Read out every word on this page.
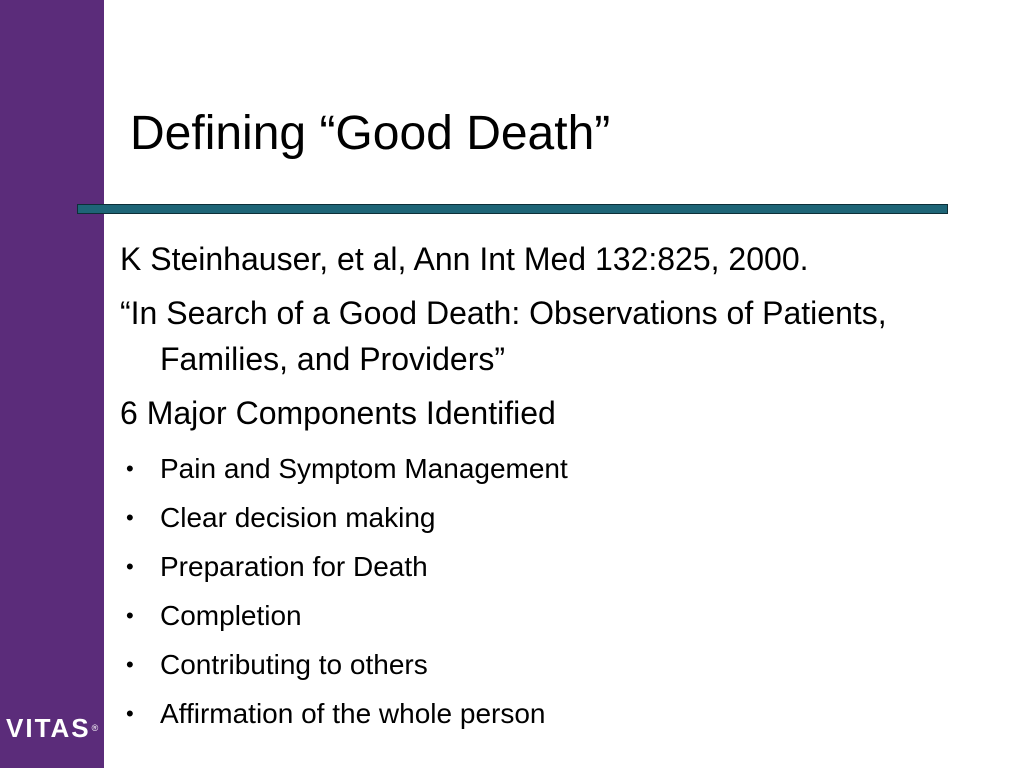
VITAS®
Defining “Good Death”
K Steinhauser, et al, Ann Int Med 132:825, 2000.
“In Search of a Good Death: Observations of Patients, Families, and Providers”
6 Major Components Identified
• Pain and Symptom Management
• Clear decision making
• Preparation for Death
• Completion
• Contributing to others
• Affirmation of the whole person
